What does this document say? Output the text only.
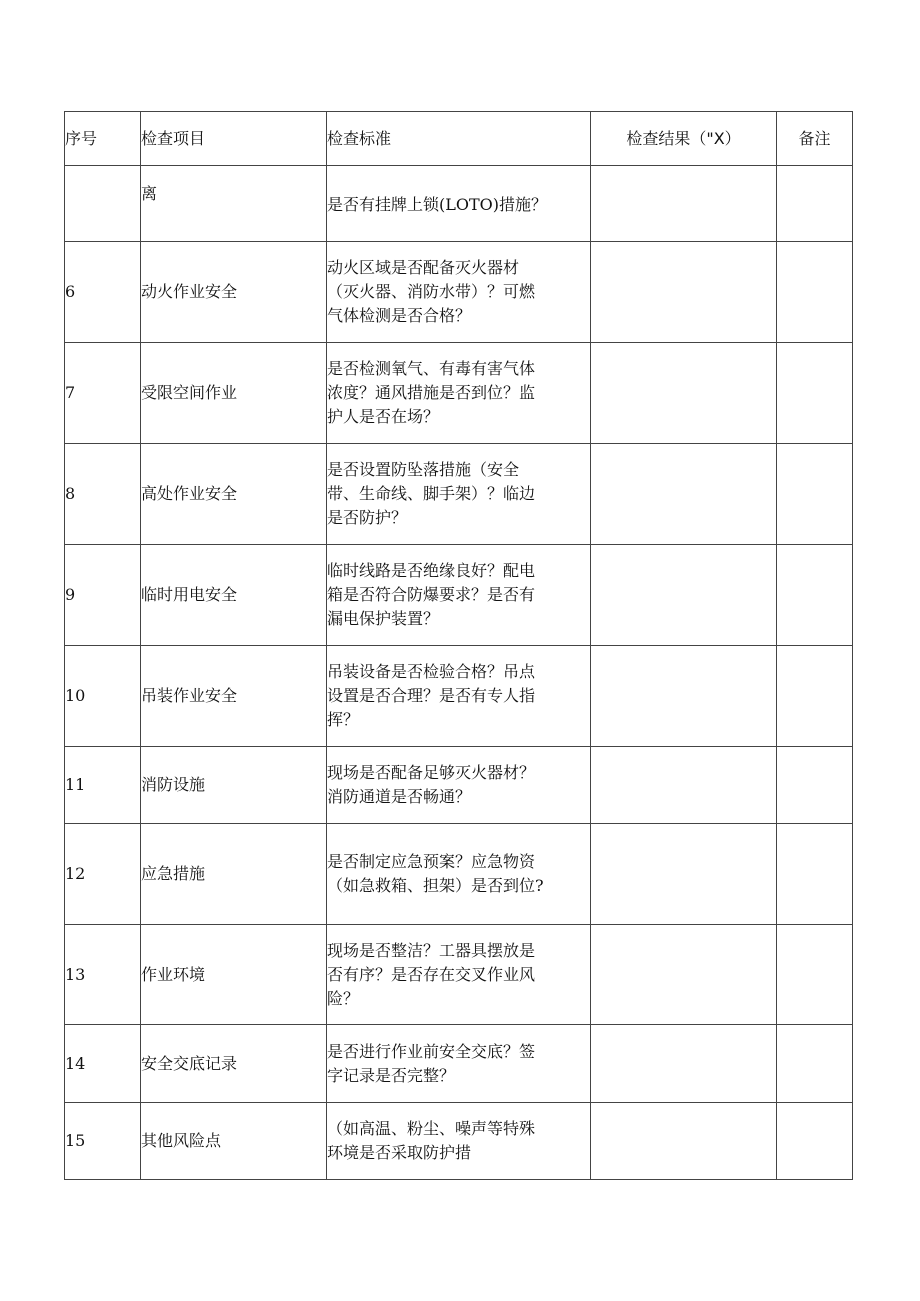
序号	检查项目	检查标准	检查结果（"X）	备注
	离	是否有挂牌上锁(LOTO)措施？		

6	动火作业安全	动火区域是否配备灭火器材
（灭火器、消防水带）？可燃
气体检测是否合格？		

7	受限空间作业	是否检测氧气、有毒有害气体
浓度？通风措施是否到位？监
护人是否在场？		

8	高处作业安全	是否设置防坠落措施（安全
带、生命线、脚手架）？临边
是否防护？		

9	临时用电安全	临时线路是否绝缘良好？配电
箱是否符合防爆要求？是否有
漏电保护装置？		

10	吊装作业安全	吊装设备是否检验合格？吊点
设置是否合理？是否有专人指
挥？		

11	消防设施	现场是否配备足够灭火器材？
消防通道是否畅通？		

12	应急措施	是否制定应急预案？应急物资
（如急救箱、担架）是否到位?		

13	作业环境	现场是否整洁？工器具摆放是
否有序？是否存在交叉作业风
险？		

14	安全交底记录	是否进行作业前安全交底？签
字记录是否完整？		

15	其他风险点	（如高温、粉尘、噪声等特殊
环境是否采取防护措		
